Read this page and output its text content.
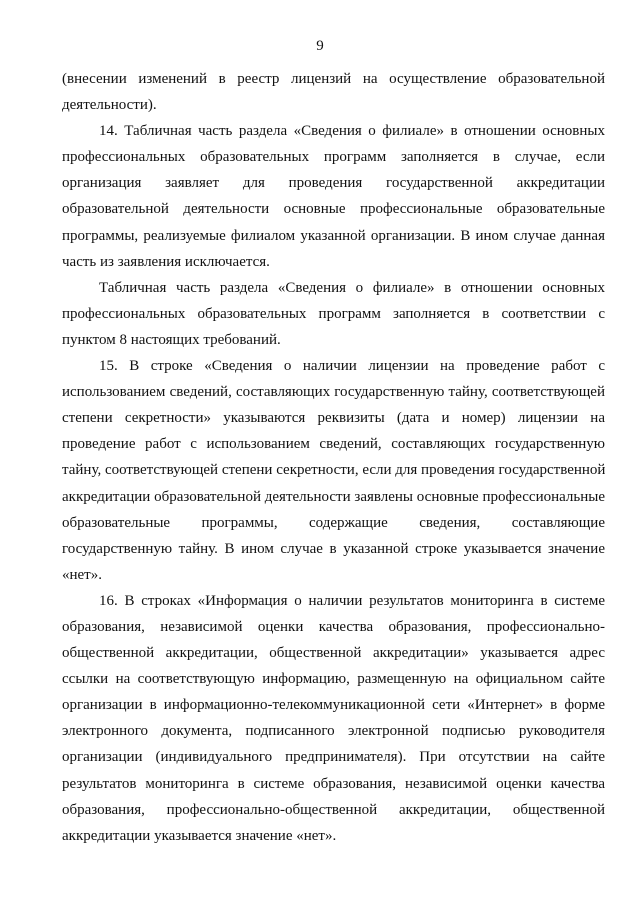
9
(внесении изменений в реестр лицензий на осуществление образовательной
деятельности).
14. Табличная часть раздела «Сведения о филиале» в отношении основных
профессиональных образовательных программ заполняется в случае, если
организация заявляет для проведения государственной аккредитации
образовательной деятельности основные профессиональные образовательные
программы, реализуемые филиалом указанной организации. В ином случае данная
часть из заявления исключается.
Табличная часть раздела «Сведения о филиале» в отношении основных
профессиональных образовательных программ заполняется в соответствии с
пунктом 8 настоящих требований.
15. В строке «Сведения о наличии лицензии на проведение работ с
использованием сведений, составляющих государственную тайну, соответствующей
степени секретности» указываются реквизиты (дата и номер) лицензии на
проведение работ с использованием сведений, составляющих государственную
тайну, соответствующей степени секретности, если для проведения государственной
аккредитации образовательной деятельности заявлены основные профессиональные
образовательные программы, содержащие сведения, составляющие
государственную тайну. В ином случае в указанной строке указывается значение
«нет».
16. В строках «Информация о наличии результатов мониторинга в системе
образования, независимой оценки качества образования, профессионально-
общественной аккредитации, общественной аккредитации» указывается адрес
ссылки на соответствующую информацию, размещенную на официальном сайте
организации в информационно-телекоммуникационной сети «Интернет» в форме
электронного документа, подписанного электронной подписью руководителя
организации (индивидуального предпринимателя). При отсутствии на сайте
результатов мониторинга в системе образования, независимой оценки качества
образования, профессионально-общественной аккредитации, общественной
аккредитации указывается значение «нет».
